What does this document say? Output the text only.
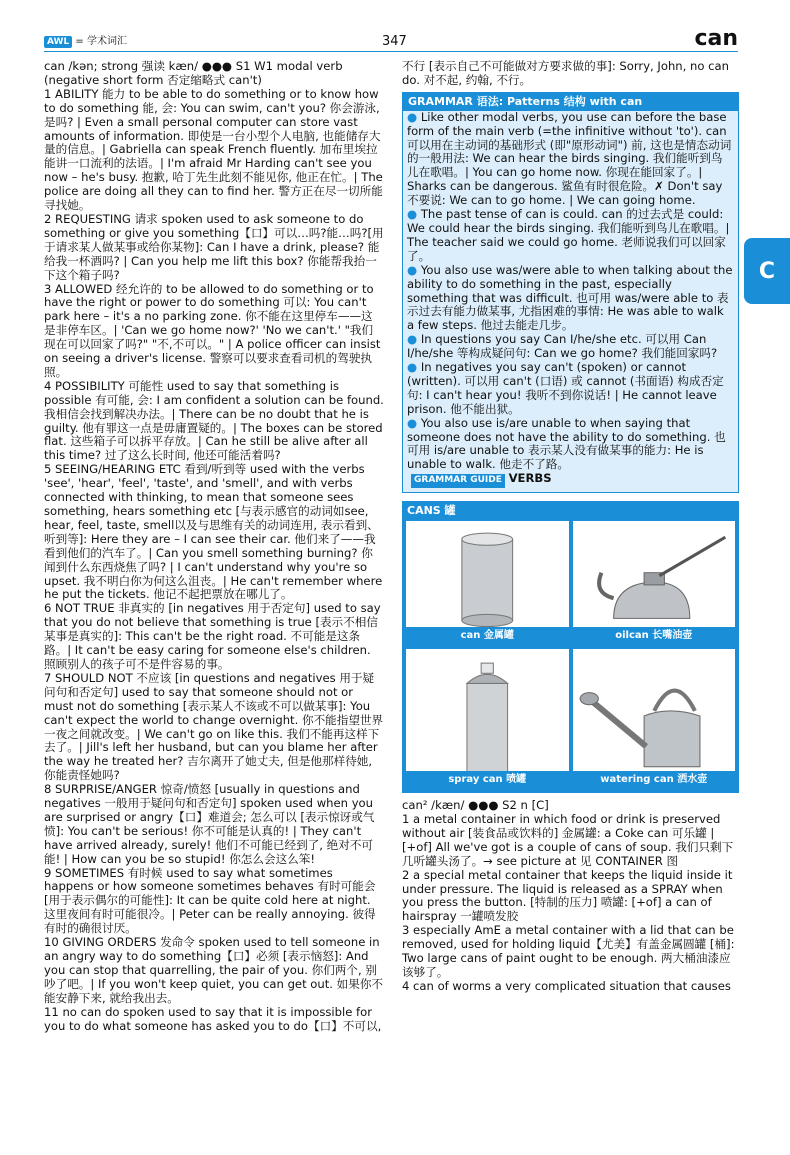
AWL = 学术词汇	347	can
C

can /kən; strong 强读 kæn/ ●●● S1 W1 modal verb (negative short form 否定缩略式 can't)

1 ABILITY 能力 to be able to do something or to know how to do something 能, 会: You can swim, can't you? 你会游泳,是吗? | Even a small personal computer can store vast amounts of information. 即使是一台小型个人电脑, 也能储存大量的信息。| Gabriella can speak French fluently. 加布里埃拉能讲一口流利的法语。| I'm afraid Mr Harding can't see you now – he's busy. 抱歉, 哈丁先生此刻不能见你, 他正在忙。| The police are doing all they can to find her. 警方正在尽一切所能寻找她。

2 REQUESTING 请求 spoken used to ask someone to do something or give you something【口】可以…吗?能…吗?[用于请求某人做某事或给你某物]: Can I have a drink, please? 能给我一杯酒吗? | Can you help me lift this box? 你能帮我抬一下这个箱子吗?

3 ALLOWED 经允许的 to be allowed to do something or to have the right or power to do something 可以: You can't park here – it's a no parking zone. 你不能在这里停车——这是非停车区。| 'Can we go home now?' 'No we can't.' "我们现在可以回家了吗?" "不,不可以。" | A police officer can insist on seeing a driver's license. 警察可以要求查看司机的驾驶执照。

4 POSSIBILITY 可能性 used to say that something is possible 有可能, 会: I am confident a solution can be found. 我相信会找到解决办法。| There can be no doubt that he is guilty. 他有罪这一点是毋庸置疑的。| The boxes can be stored flat. 这些箱子可以拆平存放。| Can he still be alive after all this time? 过了这么长时间, 他还可能活着吗?

5 SEEING/HEARING ETC 看到/听到等 used with the verbs 'see', 'hear', 'feel', 'taste', and 'smell', and with verbs connected with thinking, to mean that someone sees something, hears something etc [与表示感官的动词如see, hear, feel, taste, smell以及与思维有关的动词连用, 表示看到、听到等]: Here they are – I can see their car. 他们来了——我看到他们的汽车了。| Can you smell something burning? 你闻到什么东西烧焦了吗? | I can't understand why you're so upset. 我不明白你为何这么沮丧。| He can't remember where he put the tickets. 他记不起把票放在哪儿了。

6 NOT TRUE 非真实的 [in negatives 用于否定句] used to say that you do not believe that something is true [表示不相信某事是真实的]: This can't be the right road. 不可能是这条路。| It can't be easy caring for someone else's children. 照顾别人的孩子可不是件容易的事。

7 SHOULD NOT 不应该 [in questions and negatives 用于疑问句和否定句] used to say that someone should not or must not do something [表示某人不该或不可以做某事]: You can't expect the world to change overnight. 你不能指望世界一夜之间就改变。| We can't go on like this. 我们不能再这样下去了。| Jill's left her husband, but can you blame her after the way he treated her? 吉尔离开了她丈夫, 但是他那样待她, 你能责怪她吗?

8 SURPRISE/ANGER 惊奇/愤怒 [usually in questions and negatives 一般用于疑问句和否定句] spoken used when you are surprised or angry【口】难道会; 怎么可以 [表示惊讶或气愤]: You can't be serious! 你不可能是认真的! | They can't have arrived already, surely! 他们不可能已经到了, 绝对不可能! | How can you be so stupid! 你怎么会这么笨!

9 SOMETIMES 有时候 used to say what sometimes happens or how someone sometimes behaves 有时可能会 [用于表示偶尔的可能性]: It can be quite cold here at night. 这里夜间有时可能很冷。| Peter can be really annoying. 彼得有时的确很讨厌。

10 GIVING ORDERS 发命令 spoken used to tell someone in an angry way to do something【口】必须 [表示恼怒]: And you can stop that quarrelling, the pair of you. 你们两个, 别吵了吧。| If you won't keep quiet, you can get out. 如果你不能安静下来, 就给我出去。

11 no can do spoken used to say that it is impossible for you to do what someone has asked you to do【口】不可以,

不行 [表示自己不可能做对方要求做的事]: Sorry, John, no can do. 对不起, 约翰, 不行。

GRAMMAR 语法: Patterns 结构 with can

● Like other modal verbs, you use can before the base form of the main verb (=the infinitive without 'to'). can 可以用在主动词的基础形式 (即"原形动词") 前, 这也是情态动词的一般用法: We can hear the birds singing. 我们能听到鸟儿在歌唱。| You can go home now. 你现在能回家了。| Sharks can be dangerous. 鲨鱼有时很危险。✗ Don't say 不要说: We can to go home. | We can going home.

● The past tense of can is could. can 的过去式是 could: We could hear the birds singing. 我们能听到鸟儿在歌唱。| The teacher said we could go home. 老师说我们可以回家了。

● You also use was/were able to when talking about the ability to do something in the past, especially something that was difficult. 也可用 was/were able to 表示过去有能力做某事, 尤指困难的事情: He was able to walk a few steps. 他过去能走几步。

● In questions you say Can I/he/she etc. 可以用 Can I/he/she 等构成疑问句: Can we go home? 我们能回家吗?

● In negatives you say can't (spoken) or cannot (written). 可以用 can't (口语) 或 cannot (书面语) 构成否定句: I can't hear you! 我听不到你说话! | He cannot leave prison. 他不能出狱。

● You also use is/are unable to when saying that someone does not have the ability to do something. 也可用 is/are unable to 表示某人没有做某事的能力: He is unable to walk. 他走不了路。

GRAMMAR GUIDE VERBS

CANS 罐
can 金属罐	oilcan 长嘴油壶
spray can 喷罐	watering can 洒水壶

can² /kæn/ ●●● S2 n [C]

1 a metal container in which food or drink is preserved without air [装食品或饮料的] 金属罐: a Coke can 可乐罐 | [+of] All we've got is a couple of cans of soup. 我们只剩下几听罐头汤了。→ see picture at 见 CONTAINER 图

2 a special metal container that keeps the liquid inside it under pressure. The liquid is released as a SPRAY when you press the button. [特制的压力] 喷罐: [+of] a can of hairspray 一罐喷发胶

3 especially AmE a metal container with a lid that can be removed, used for holding liquid【尤美】有盖金属圆罐 [桶]: Two large cans of paint ought to be enough. 两大桶油漆应该够了。

4 can of worms a very complicated situation that causes
